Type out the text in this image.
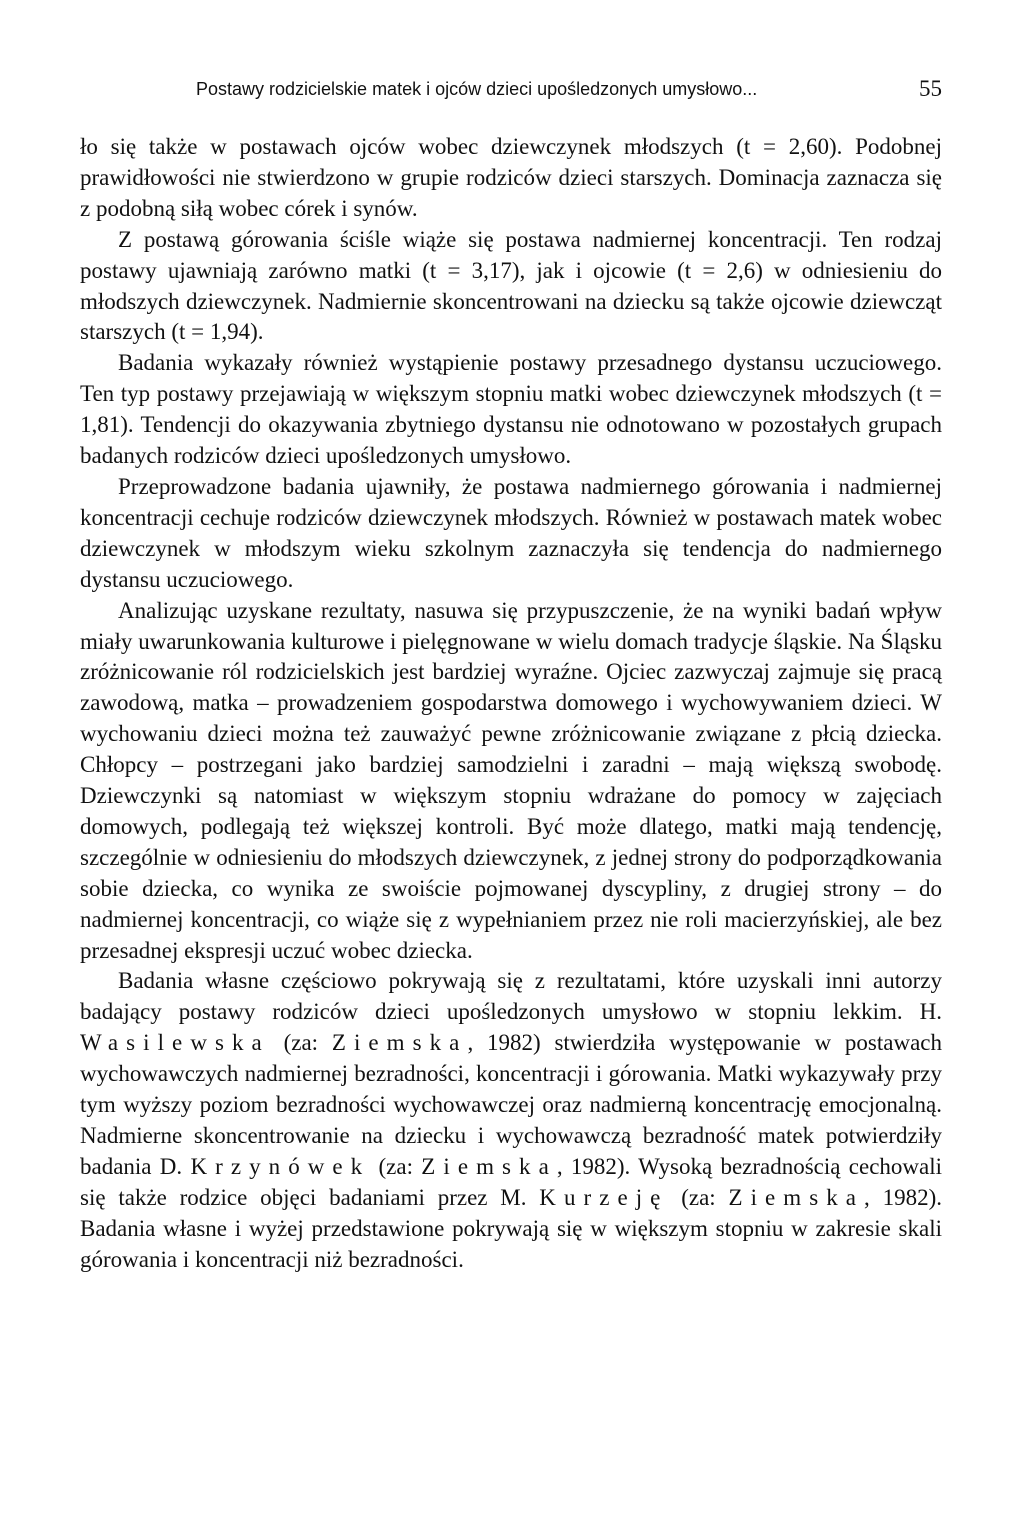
Postawy rodzicielskie matek i ojców dzieci upośledzonych umysłowo...	55

ło się także w postawach ojców wobec dziewczynek młodszych (t = 2,60). Podobnej prawidłowości nie stwierdzono w grupie rodziców dzieci starszych. Dominacja zaznacza się z podobną siłą wobec córek i synów.

Z postawą górowania ściśle wiąże się postawa nadmiernej koncentracji. Ten rodzaj postawy ujawniają zarówno matki (t = 3,17), jak i ojcowie (t = 2,6) w odniesieniu do młodszych dziewczynek. Nadmiernie skoncentrowani na dziecku są także ojcowie dziewcząt starszych (t = 1,94).

Badania wykazały również wystąpienie postawy przesadnego dystansu uczuciowego. Ten typ postawy przejawiają w większym stopniu matki wobec dziewczynek młodszych (t = 1,81). Tendencji do okazywania zbytniego dystansu nie odnotowano w pozostałych grupach badanych rodziców dzieci upośledzonych umysłowo.

Przeprowadzone badania ujawniły, że postawa nadmiernego górowania i nadmiernej koncentracji cechuje rodziców dziewczynek młodszych. Również w postawach matek wobec dziewczynek w młodszym wieku szkolnym zaznaczyła się tendencja do nadmiernego dystansu uczuciowego.

Analizując uzyskane rezultaty, nasuwa się przypuszczenie, że na wyniki badań wpływ miały uwarunkowania kulturowe i pielęgnowane w wielu domach tradycje śląskie. Na Śląsku zróżnicowanie ról rodzicielskich jest bardziej wyraźne. Ojciec zazwyczaj zajmuje się pracą zawodową, matka – prowadzeniem gospodarstwa domowego i wychowywaniem dzieci. W wychowaniu dzieci można też zauważyć pewne zróżnicowanie związane z płcią dziecka. Chłopcy – postrzegani jako bardziej samodzielni i zaradni – mają większą swobodę. Dziewczynki są natomiast w większym stopniu wdrażane do pomocy w zajęciach domowych, podlegają też większej kontroli. Być może dlatego, matki mają tendencję, szczególnie w odniesieniu do młodszych dziewczynek, z jednej strony do podporządkowania sobie dziecka, co wynika ze swoiście pojmowanej dyscypliny, z drugiej strony – do nadmiernej koncentracji, co wiąże się z wypełnianiem przez nie roli macierzyńskiej, ale bez przesadnej ekspresji uczuć wobec dziecka.

Badania własne częściowo pokrywają się z rezultatami, które uzyskali inni autorzy badający postawy rodziców dzieci upośledzonych umysłowo w stopniu lekkim. H. Wasilewska (za: Ziemska, 1982) stwierdziła występowanie w postawach wychowawczych nadmiernej bezradności, koncentracji i górowania. Matki wykazywały przy tym wyższy poziom bezradności wychowawczej oraz nadmierną koncentrację emocjonalną. Nadmierne skoncentrowanie na dziecku i wychowawczą bezradność matek potwierdziły badania D. Krzynówek (za: Ziemska, 1982). Wysoką bezradnością cechowali się także rodzice objęci badaniami przez M. Kurzeję (za: Ziemska, 1982). Badania własne i wyżej przedstawione pokrywają się w większym stopniu w zakresie skali górowania i koncentracji niż bezradności.
